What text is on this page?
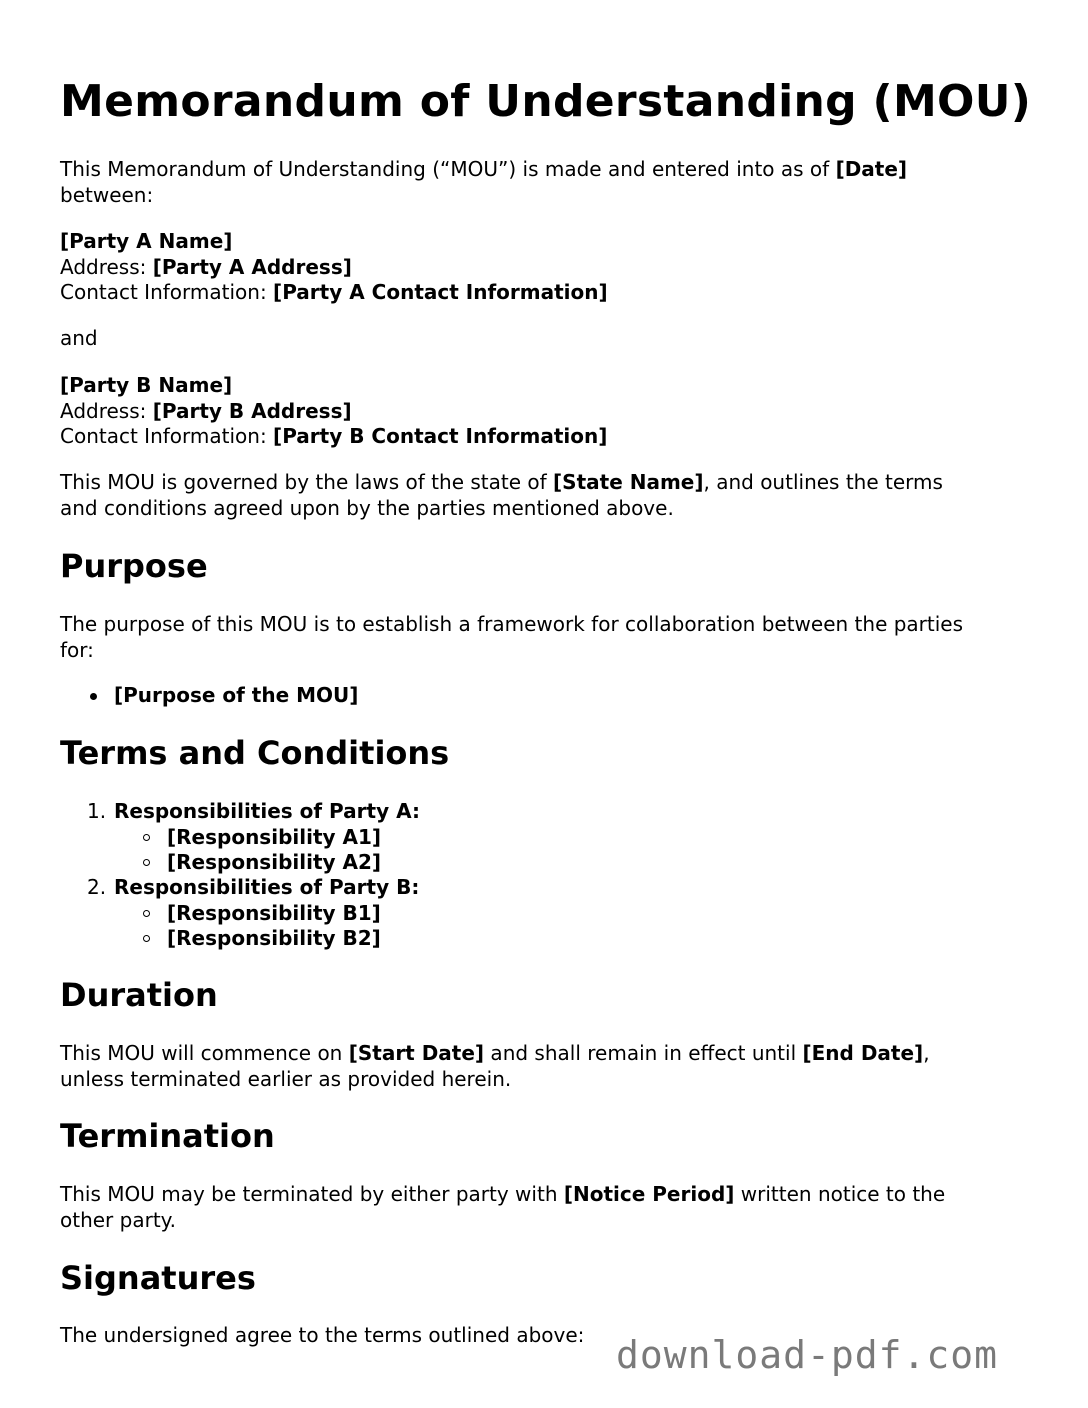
Memorandum of Understanding (MOU)

This Memorandum of Understanding (“MOU”) is made and entered into as of [Date]
between:

[Party A Name]
Address: [Party A Address]
Contact Information: [Party A Contact Information]

and

[Party B Name]
Address: [Party B Address]
Contact Information: [Party B Contact Information]

This MOU is governed by the laws of the state of [State Name], and outlines the terms
and conditions agreed upon by the parties mentioned above.

Purpose

The purpose of this MOU is to establish a framework for collaboration between the parties
for:

[Purpose of the MOU]
Terms and Conditions
1. Responsibilities of Party A:
[Responsibility A1]
[Responsibility A2]
2. Responsibilities of Party B:
[Responsibility B1]
[Responsibility B2]
Duration

This MOU will commence on [Start Date] and shall remain in effect until [End Date],
unless terminated earlier as provided herein.

Termination

This MOU may be terminated by either party with [Notice Period] written notice to the
other party.

Signatures

The undersigned agree to the terms outlined above: download-pdf.com
